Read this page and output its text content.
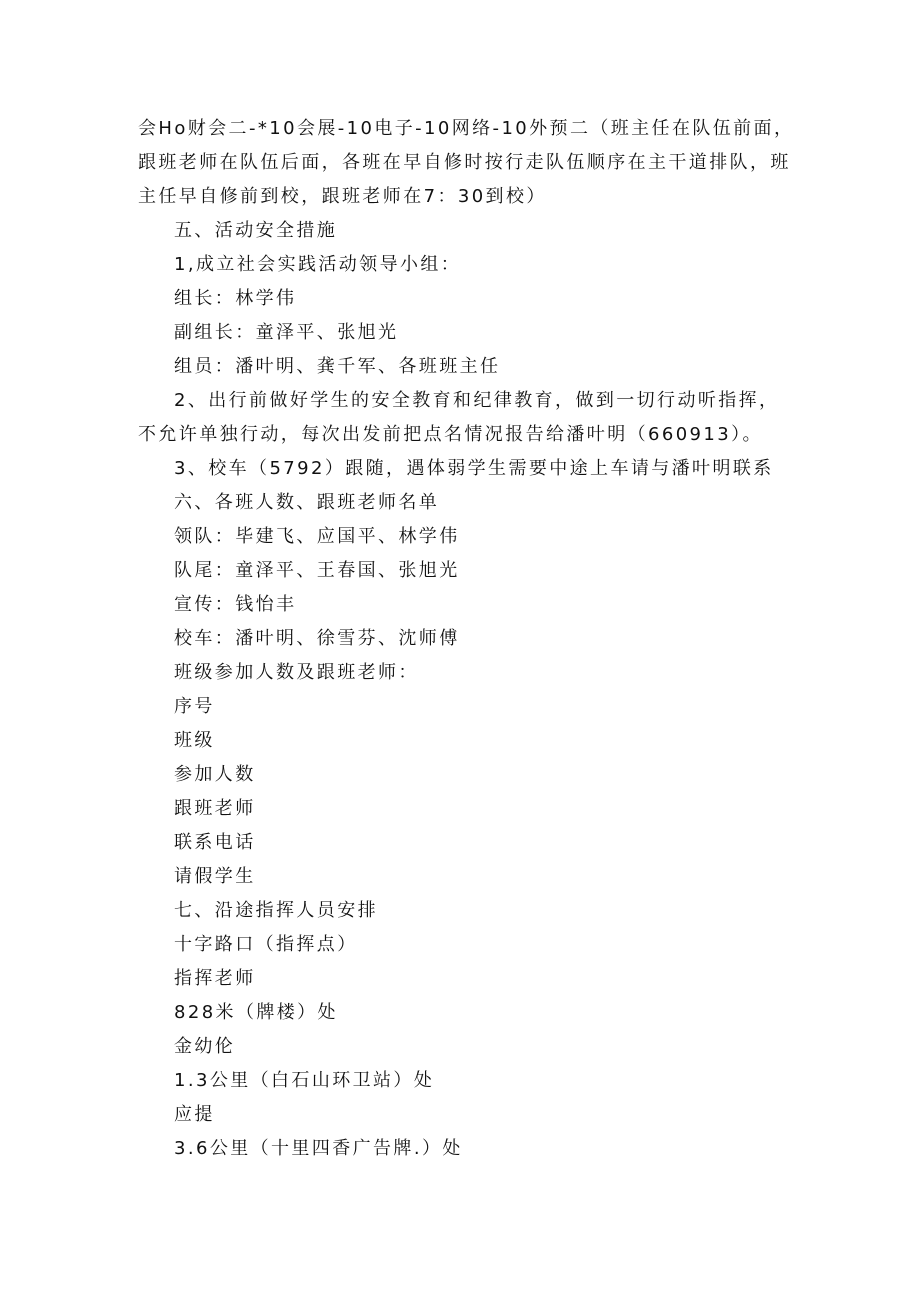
会Ho财会二-*10会展-10电子-10网络-10外预二（班主任在队伍前面，跟班老师在队伍后面，各班在早自修时按行走队伍顺序在主干道排队，班主任早自修前到校，跟班老师在7：30到校）

五、活动安全措施

1,成立社会实践活动领导小组：

组长：林学伟

副组长：童泽平、张旭光

组员：潘叶明、龚千军、各班班主任

2、出行前做好学生的安全教育和纪律教育，做到一切行动听指挥，不允许单独行动，每次出发前把点名情况报告给潘叶明（660913）。

3、校车（5792）跟随，遇体弱学生需要中途上车请与潘叶明联系

六、各班人数、跟班老师名单

领队：毕建飞、应国平、林学伟

队尾：童泽平、王春国、张旭光

宣传：钱怡丰

校车：潘叶明、徐雪芬、沈师傅

班级参加人数及跟班老师：

序号

班级

参加人数

跟班老师

联系电话

请假学生

七、沿途指挥人员安排

十字路口（指挥点）

指挥老师

828米（牌楼）处

金幼伦

1.3公里（白石山环卫站）处

应提

3.6公里（十里四香广告牌.）处
